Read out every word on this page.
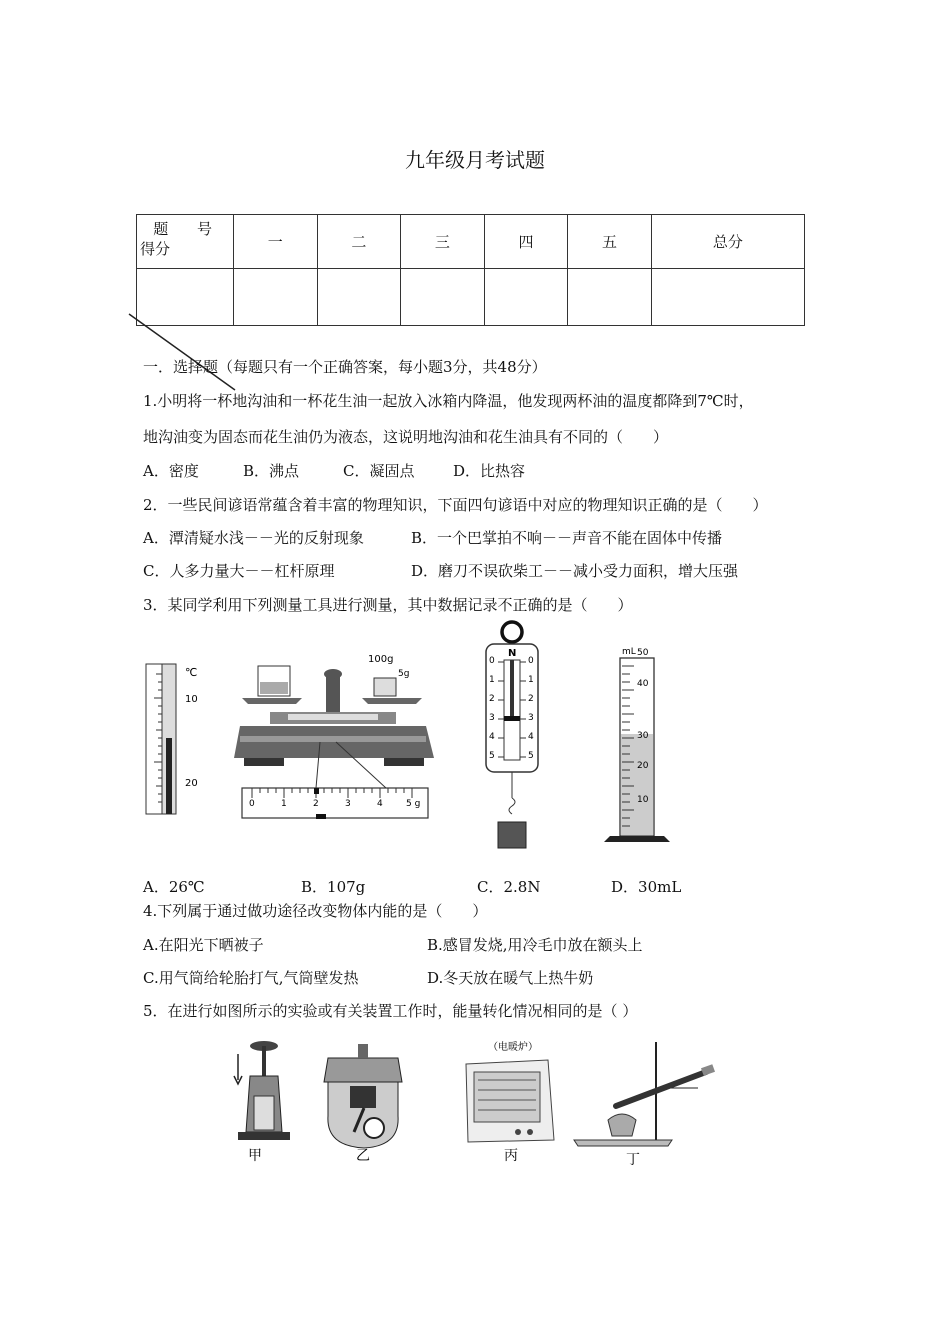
九年级月考试题
题 号
得分	一	二	三	四	五	总分

一．选择题（每题只有一个正确答案，每小题3分，共48分）
1.小明将一杯地沟油和一杯花生油一起放入冰箱内降温，他发现两杯油的温度都降到7℃时，
地沟油变为固态而花生油仍为液态，这说明地沟油和花生油具有不同的（　　）
A．密度	B．沸点	C．凝固点	D．比热容
2．一些民间谚语常蕴含着丰富的物理知识，下面四句谚语中对应的物理知识正确的是（　　）
A．潭清疑水浅－－光的反射现象	B．一个巴掌拍不响－－声音不能在固体中传播
C．人多力量大－－杠杆原理	D．磨刀不误砍柴工－－减小受力面积，增大压强
3．某同学利用下列测量工具进行测量，其中数据记录不正确的是（　　）
℃
10
20
100g
5g
0	1	2	3	4	5 g
N
0
1
2
3
4
5
0
1
2
3
4
5
mL 50
40
30
20
10
A．26℃	B．107g	C．2.8N	D．30mL
4.下列属于通过做功途径改变物体内能的是（　　）
A.在阳光下晒被子	B.感冒发烧,用冷毛巾放在额头上
C.用气筒给轮胎打气,气筒壁发热	D.冬天放在暖气上热牛奶
5．在进行如图所示的实验或有关装置工作时，能量转化情况相同的是（ ）
甲	乙
（电暖炉）
丙	丁
